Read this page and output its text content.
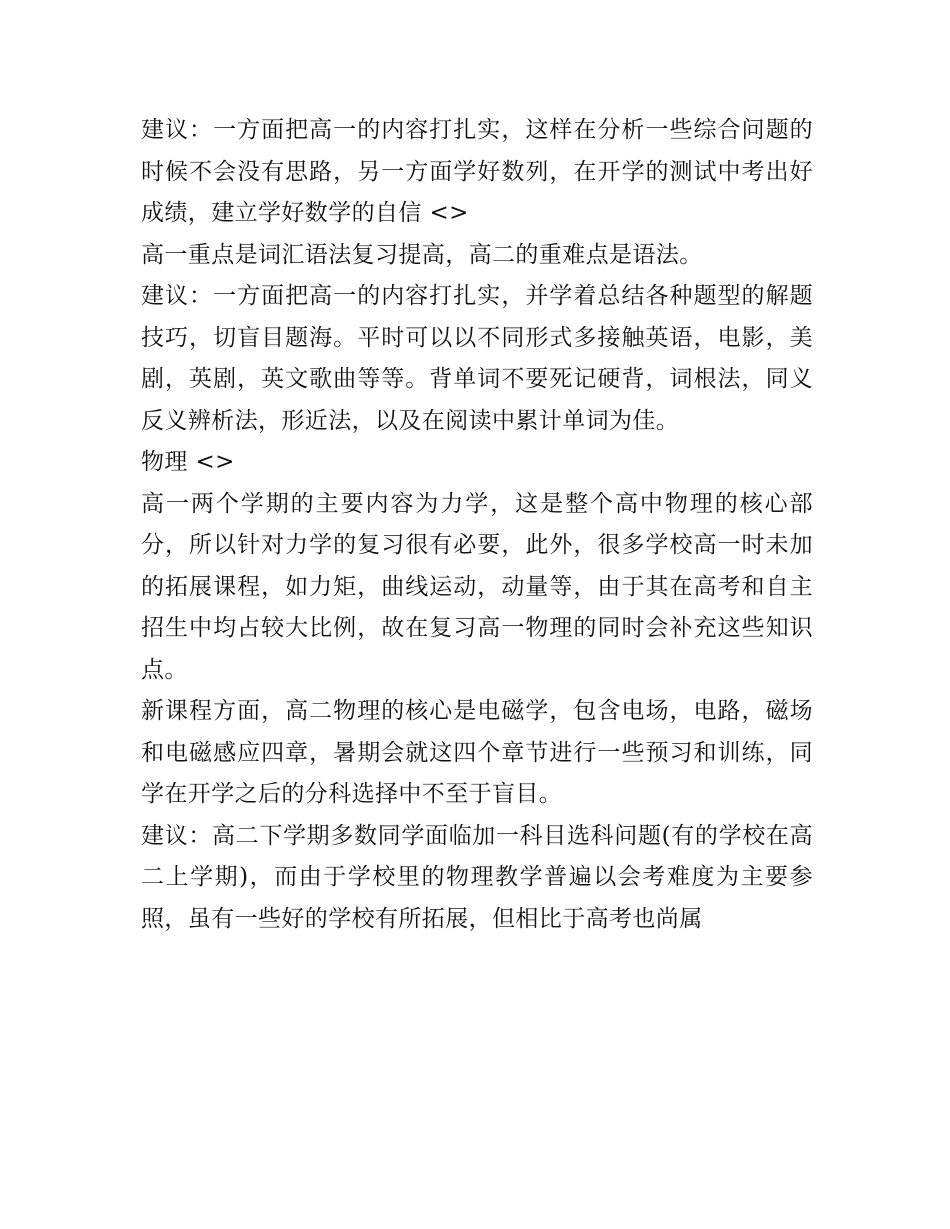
建议：一方面把高一的内容打扎实，这样在分析一些综合问题的时候不会没有思路，另一方面学好数列，在开学的测试中考出好成绩，建立学好数学的自信 <>

高一重点是词汇语法复习提高，高二的重难点是语法。

建议：一方面把高一的内容打扎实，并学着总结各种题型的解题技巧，切盲目题海。平时可以以不同形式多接触英语，电影，美剧，英剧，英文歌曲等等。背单词不要死记硬背，词根法，同义反义辨析法，形近法，以及在阅读中累计单词为佳。

物理 <>

高一两个学期的主要内容为力学，这是整个高中物理的核心部分，所以针对力学的复习很有必要，此外，很多学校高一时未加的拓展课程，如力矩，曲线运动，动量等，由于其在高考和自主招生中均占较大比例，故在复习高一物理的同时会补充这些知识点。

新课程方面，高二物理的核心是电磁学，包含电场，电路，磁场和电磁感应四章，暑期会就这四个章节进行一些预习和训练，同学在开学之后的分科选择中不至于盲目。

建议：高二下学期多数同学面临加一科目选科问题(有的学校在高二上学期)，而由于学校里的物理教学普遍以会考难度为主要参照，虽有一些好的学校有所拓展，但相比于高考也尚属
